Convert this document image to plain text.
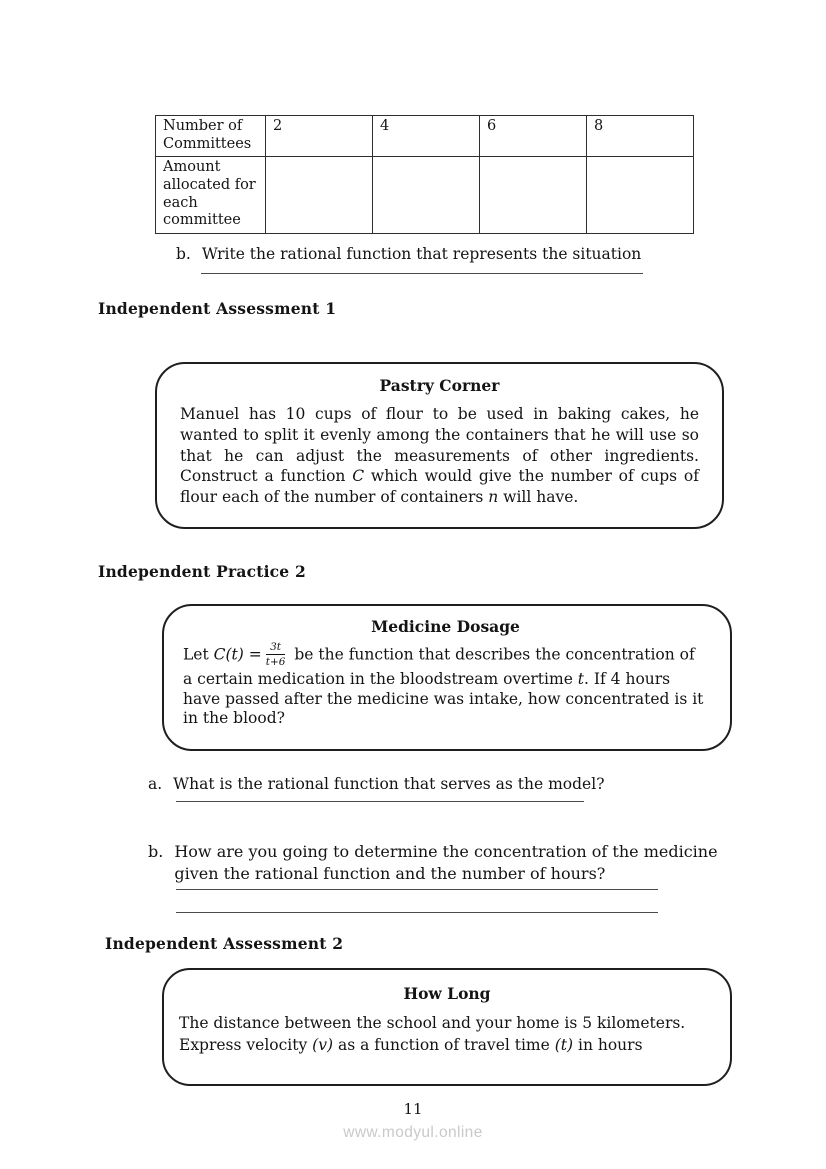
Number of Committees	2	4	6	8
Amount allocated for each committee				
b. Write the rational function that represents the situation
Independent Assessment 1
Pastry Corner
Manuel has 10 cups of flour to be used in baking cakes, he wanted to split it evenly among the containers that he will use so that he can adjust the measurements of other ingredients. Construct a function C which would give the number of cups of flour each of the number of containers n will have.
Independent Practice 2
Medicine Dosage
Let $C(t) = \frac{3t}{t+6}$ be the function that describes the concentration of a certain medication in the bloodstream overtime t. If 4 hours have passed after the medicine was intake, how concentrated is it in the blood?
a. What is the rational function that serves as the model?
b. How are you going to determine the concentration of the medicine given the rational function and the number of hours?
Independent Assessment 2
How Long
The distance between the school and your home is 5 kilometers. Express velocity (v) as a function of travel time (t) in hours
11
www.modyul.online
